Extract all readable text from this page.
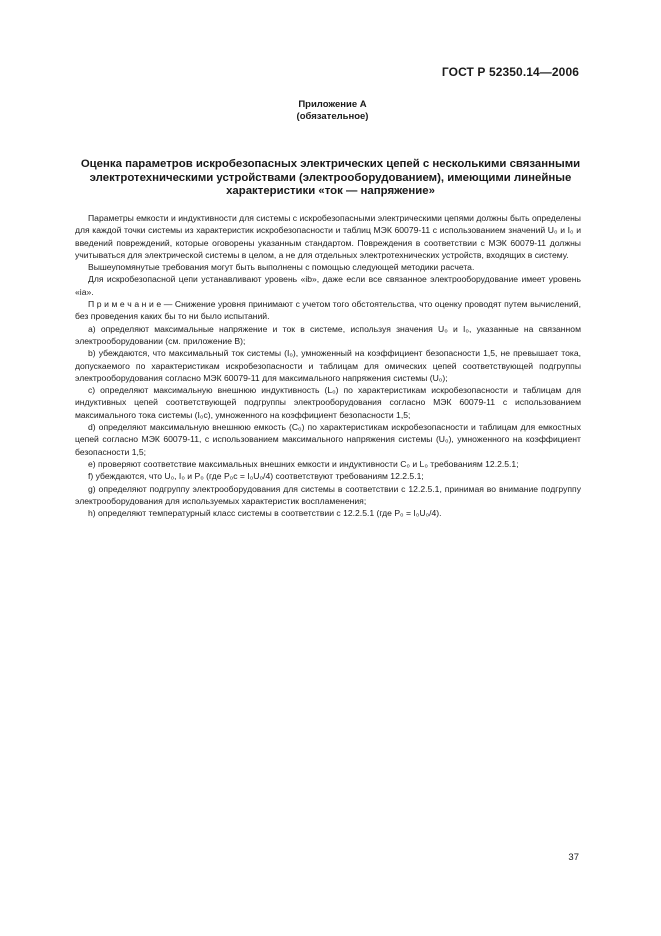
ГОСТ Р 52350.14—2006
Приложение А
(обязательное)
Оценка параметров искробезопасных электрических цепей с несколькими связанными
электротехническими устройствами (электрооборудованием), имеющими линейные
характеристики «ток — напряжение»
Параметры емкости и индуктивности для системы с искробезопасными электрическими цепями должны быть определены для каждой точки системы из характеристик искробезопасности и таблиц МЭК 60079-11 с использованием значений U₀ и I₀ и введений повреждений, которые оговорены указанным стандартом. Повреждения в соответствии с МЭК 60079-11 должны учитываться для электрической системы в целом, а не для отдельных электротехнических устройств, входящих в систему.
Вышеупомянутые требования могут быть выполнены с помощью следующей методики расчета.
Для искробезопасной цепи устанавливают уровень «ib», даже если все связанное электрооборудование имеет уровень «ia».
П р и м е ч а н и е — Снижение уровня принимают с учетом того обстоятельства, что оценку проводят путем вычислений, без проведения каких бы то ни было испытаний.
a) определяют максимальные напряжение и ток в системе, используя значения U₀ и I₀, указанные на связанном электрооборудовании (см. приложение В);
b) убеждаются, что максимальный ток системы (I₀), умноженный на коэффициент безопасности 1,5, не превышает тока, допускаемого по характеристикам искробезопасности и таблицам для омических цепей соответствующей подгруппы электрооборудования согласно МЭК 60079-11 для максимального напряжения системы (U₀);
c) определяют максимальную внешнюю индуктивность (L₀) по характеристикам искробезопасности и таблицам для индуктивных цепей соответствующей подгруппы электрооборудования согласно МЭК 60079-11 с использованием максимального тока системы (I₀с), умноженного на коэффициент безопасности 1,5;
d) определяют максимальную внешнюю емкость (C₀) по характеристикам искробезопасности и таблицам для емкостных цепей согласно МЭК 60079-11, с использованием максимального напряжения системы (U₀), умноженного на коэффициент безопасности 1,5;
e) проверяют соответствие максимальных внешних емкости и индуктивности C₀ и L₀ требованиям 12.2.5.1;
f) убеждаются, что U₀, I₀ и P₀ (где P₀с = I₀U₀/4) соответствуют требованиям 12.2.5.1;
g) определяют подгруппу электрооборудования для системы в соответствии с 12.2.5.1, принимая во внимание подгруппу электрооборудования для используемых характеристик воспламенения;
h) определяют температурный класс системы в соответствии с 12.2.5.1 (где P₀ = I₀U₀/4).
37
